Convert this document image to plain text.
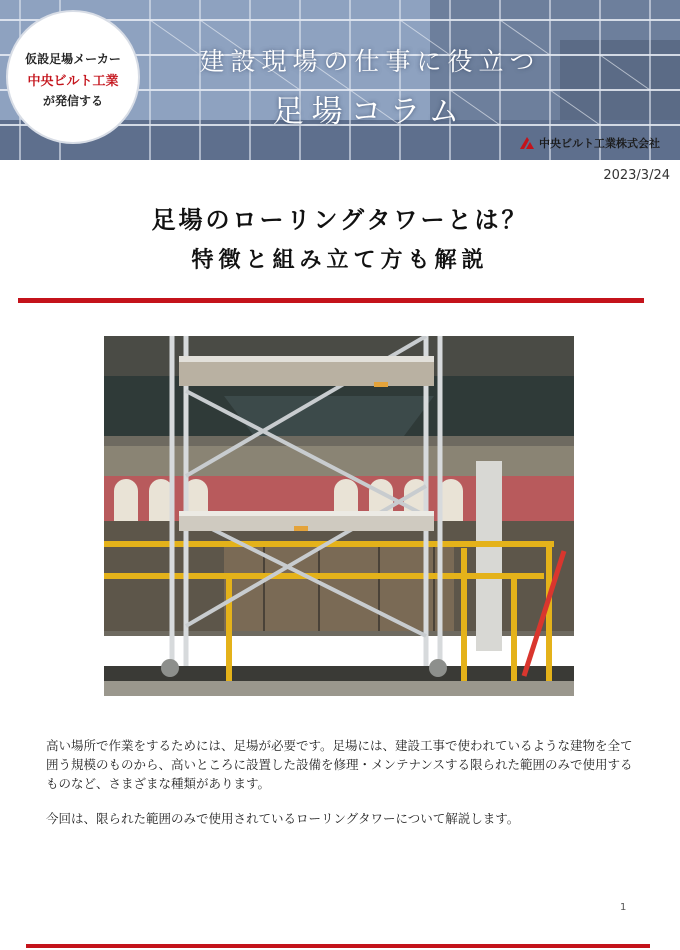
仮設足場メーカー
中央ビルト工業
が発信する
建設現場の仕事に役立つ
足場コラム
中央ビルト工業株式会社
2023/3/24
足場のローリングタワーとは？
特徴と組み立て方も解説

高い場所で作業をするためには、足場が必要です。足場には、建設工事で使われているような建物を全て囲う規模のものから、高いところに設置した設備を修理・メンテナンスする限られた範囲のみで使用するものなど、さまざまな種類があります。

今回は、限られた範囲のみで使用されているローリングタワーについて解説します。

1
